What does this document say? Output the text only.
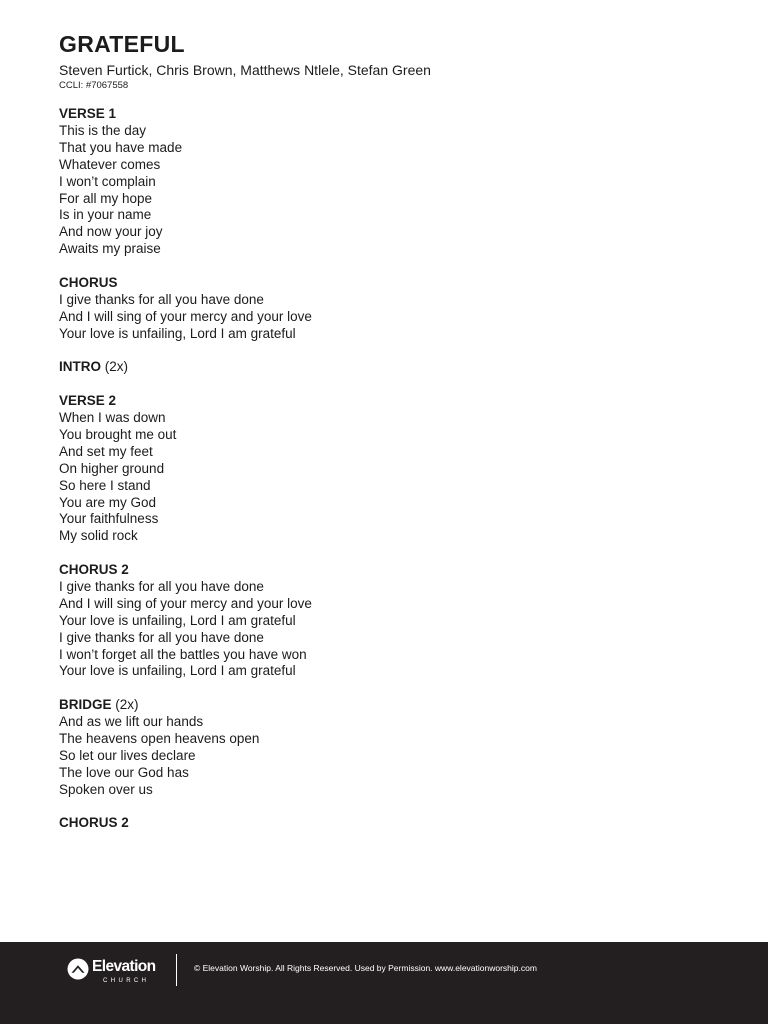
GRATEFUL
Steven Furtick, Chris Brown, Matthews Ntlele, Stefan Green
CCLI: #7067558
VERSE 1
This is the day
That you have made
Whatever comes
I won’t complain
For all my hope
Is in your name
And now your joy
Awaits my praise
CHORUS
I give thanks for all you have done
And I will sing of your mercy and your love
Your love is unfailing, Lord I am grateful
INTRO (2x)
VERSE 2
When I was down
You brought me out
And set my feet
On higher ground
So here I stand
You are my God
Your faithfulness
My solid rock
CHORUS 2
I give thanks for all you have done
And I will sing of your mercy and your love
Your love is unfailing, Lord I am grateful
I give thanks for all you have done
I won’t forget all the battles you have won
Your love is unfailing, Lord I am grateful
BRIDGE (2x)
And as we lift our hands
The heavens open heavens open
So let our lives declare
The love our God has
Spoken over us
CHORUS 2
Elevation
CHURCH
© Elevation Worship. All Rights Reserved. Used by Permission. www.elevationworship.com
